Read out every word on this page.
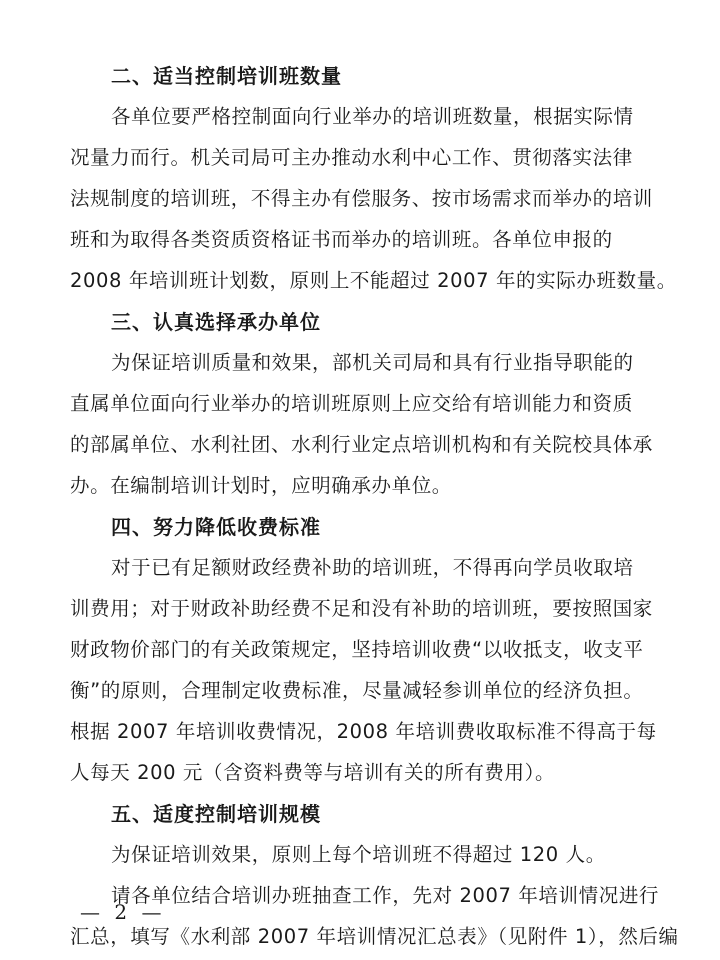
二、适当控制培训班数量
各单位要严格控制面向行业举办的培训班数量，根据实际情
况量力而行。机关司局可主办推动水利中心工作、贯彻落实法律
法规制度的培训班，不得主办有偿服务、按市场需求而举办的培训
班和为取得各类资质资格证书而举办的培训班。各单位申报的
2008 年培训班计划数，原则上不能超过 2007 年的实际办班数量。
三、认真选择承办单位
为保证培训质量和效果，部机关司局和具有行业指导职能的
直属单位面向行业举办的培训班原则上应交给有培训能力和资质
的部属单位、水利社团、水利行业定点培训机构和有关院校具体承
办。在编制培训计划时，应明确承办单位。
四、努力降低收费标准
对于已有足额财政经费补助的培训班，不得再向学员收取培
训费用；对于财政补助经费不足和没有补助的培训班，要按照国家
财政物价部门的有关政策规定，坚持培训收费“以收抵支，收支平
衡”的原则，合理制定收费标准，尽量减轻参训单位的经济负担。
根据 2007 年培训收费情况，2008 年培训费收取标准不得高于每
人每天 200 元（含资料费等与培训有关的所有费用）。
五、适度控制培训规模
为保证培训效果，原则上每个培训班不得超过 120 人。
请各单位结合培训办班抽查工作，先对 2007 年培训情况进行
汇总，填写《水利部 2007 年培训情况汇总表》（见附件 1），然后编
— 2 —
